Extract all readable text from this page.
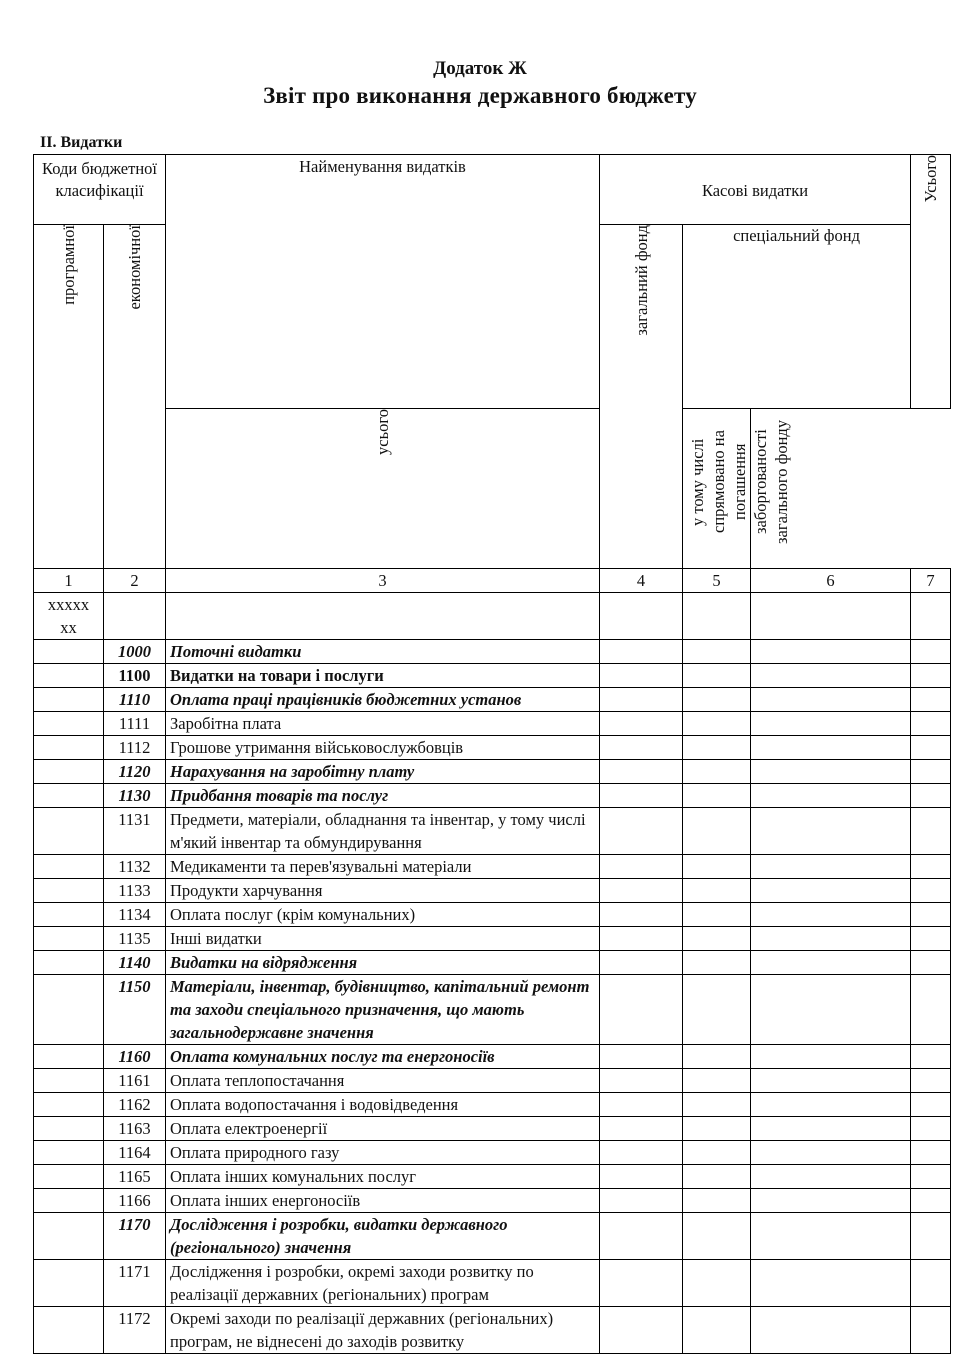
Додаток Ж
Звіт про виконання державного бюджету
II. Видатки
Коди бюджетної класифікації		Найменування видатків	Касові видатки			Усього
програмної	економічної		загальний фонд	спеціальний фонд		
		усього		у тому числі спрямовано на погашення заборгованості загального фонду		
1	2	3	4	5	6	7
ххххх хх						
	1000	Поточні видатки				
	1100	Видатки на товари і послуги				
	1110	Оплата праці працівників бюджетних установ				
	1111	Заробітна плата				
	1112	Грошове утримання військовослужбовців				
	1120	Нарахування на заробітну плату				
	1130	Придбання товарів та послуг				
	1131	Предмети, матеріали, обладнання та інвентар, у тому числі м'який інвентар та обмундирування				
	1132	Медикаменти та перев'язувальні матеріали				
	1133	Продукти харчування				
	1134	Оплата послуг (крім комунальних)				
	1135	Інші видатки				
	1140	Видатки на відрядження				
	1150	Матеріали, інвентар, будівництво, капітальний ремонт та заходи спеціального призначення, що мають загальнодержавне значення				
	1160	Оплата комунальних послуг та енергоносіїв				
	1161	Оплата теплопостачання				
	1162	Оплата водопостачання і водовідведення				
	1163	Оплата електроенергії				
	1164	Оплата природного газу				
	1165	Оплата інших комунальних послуг				
	1166	Оплата інших енергоносіїв				
	1170	Дослідження і розробки, видатки державного (регіонального) значення				
	1171	Дослідження і розробки, окремі заходи розвитку по реалізації державних (регіональних) програм				
	1172	Окремі заходи по реалізації державних (регіональних) програм, не віднесені до заходів розвитку				
